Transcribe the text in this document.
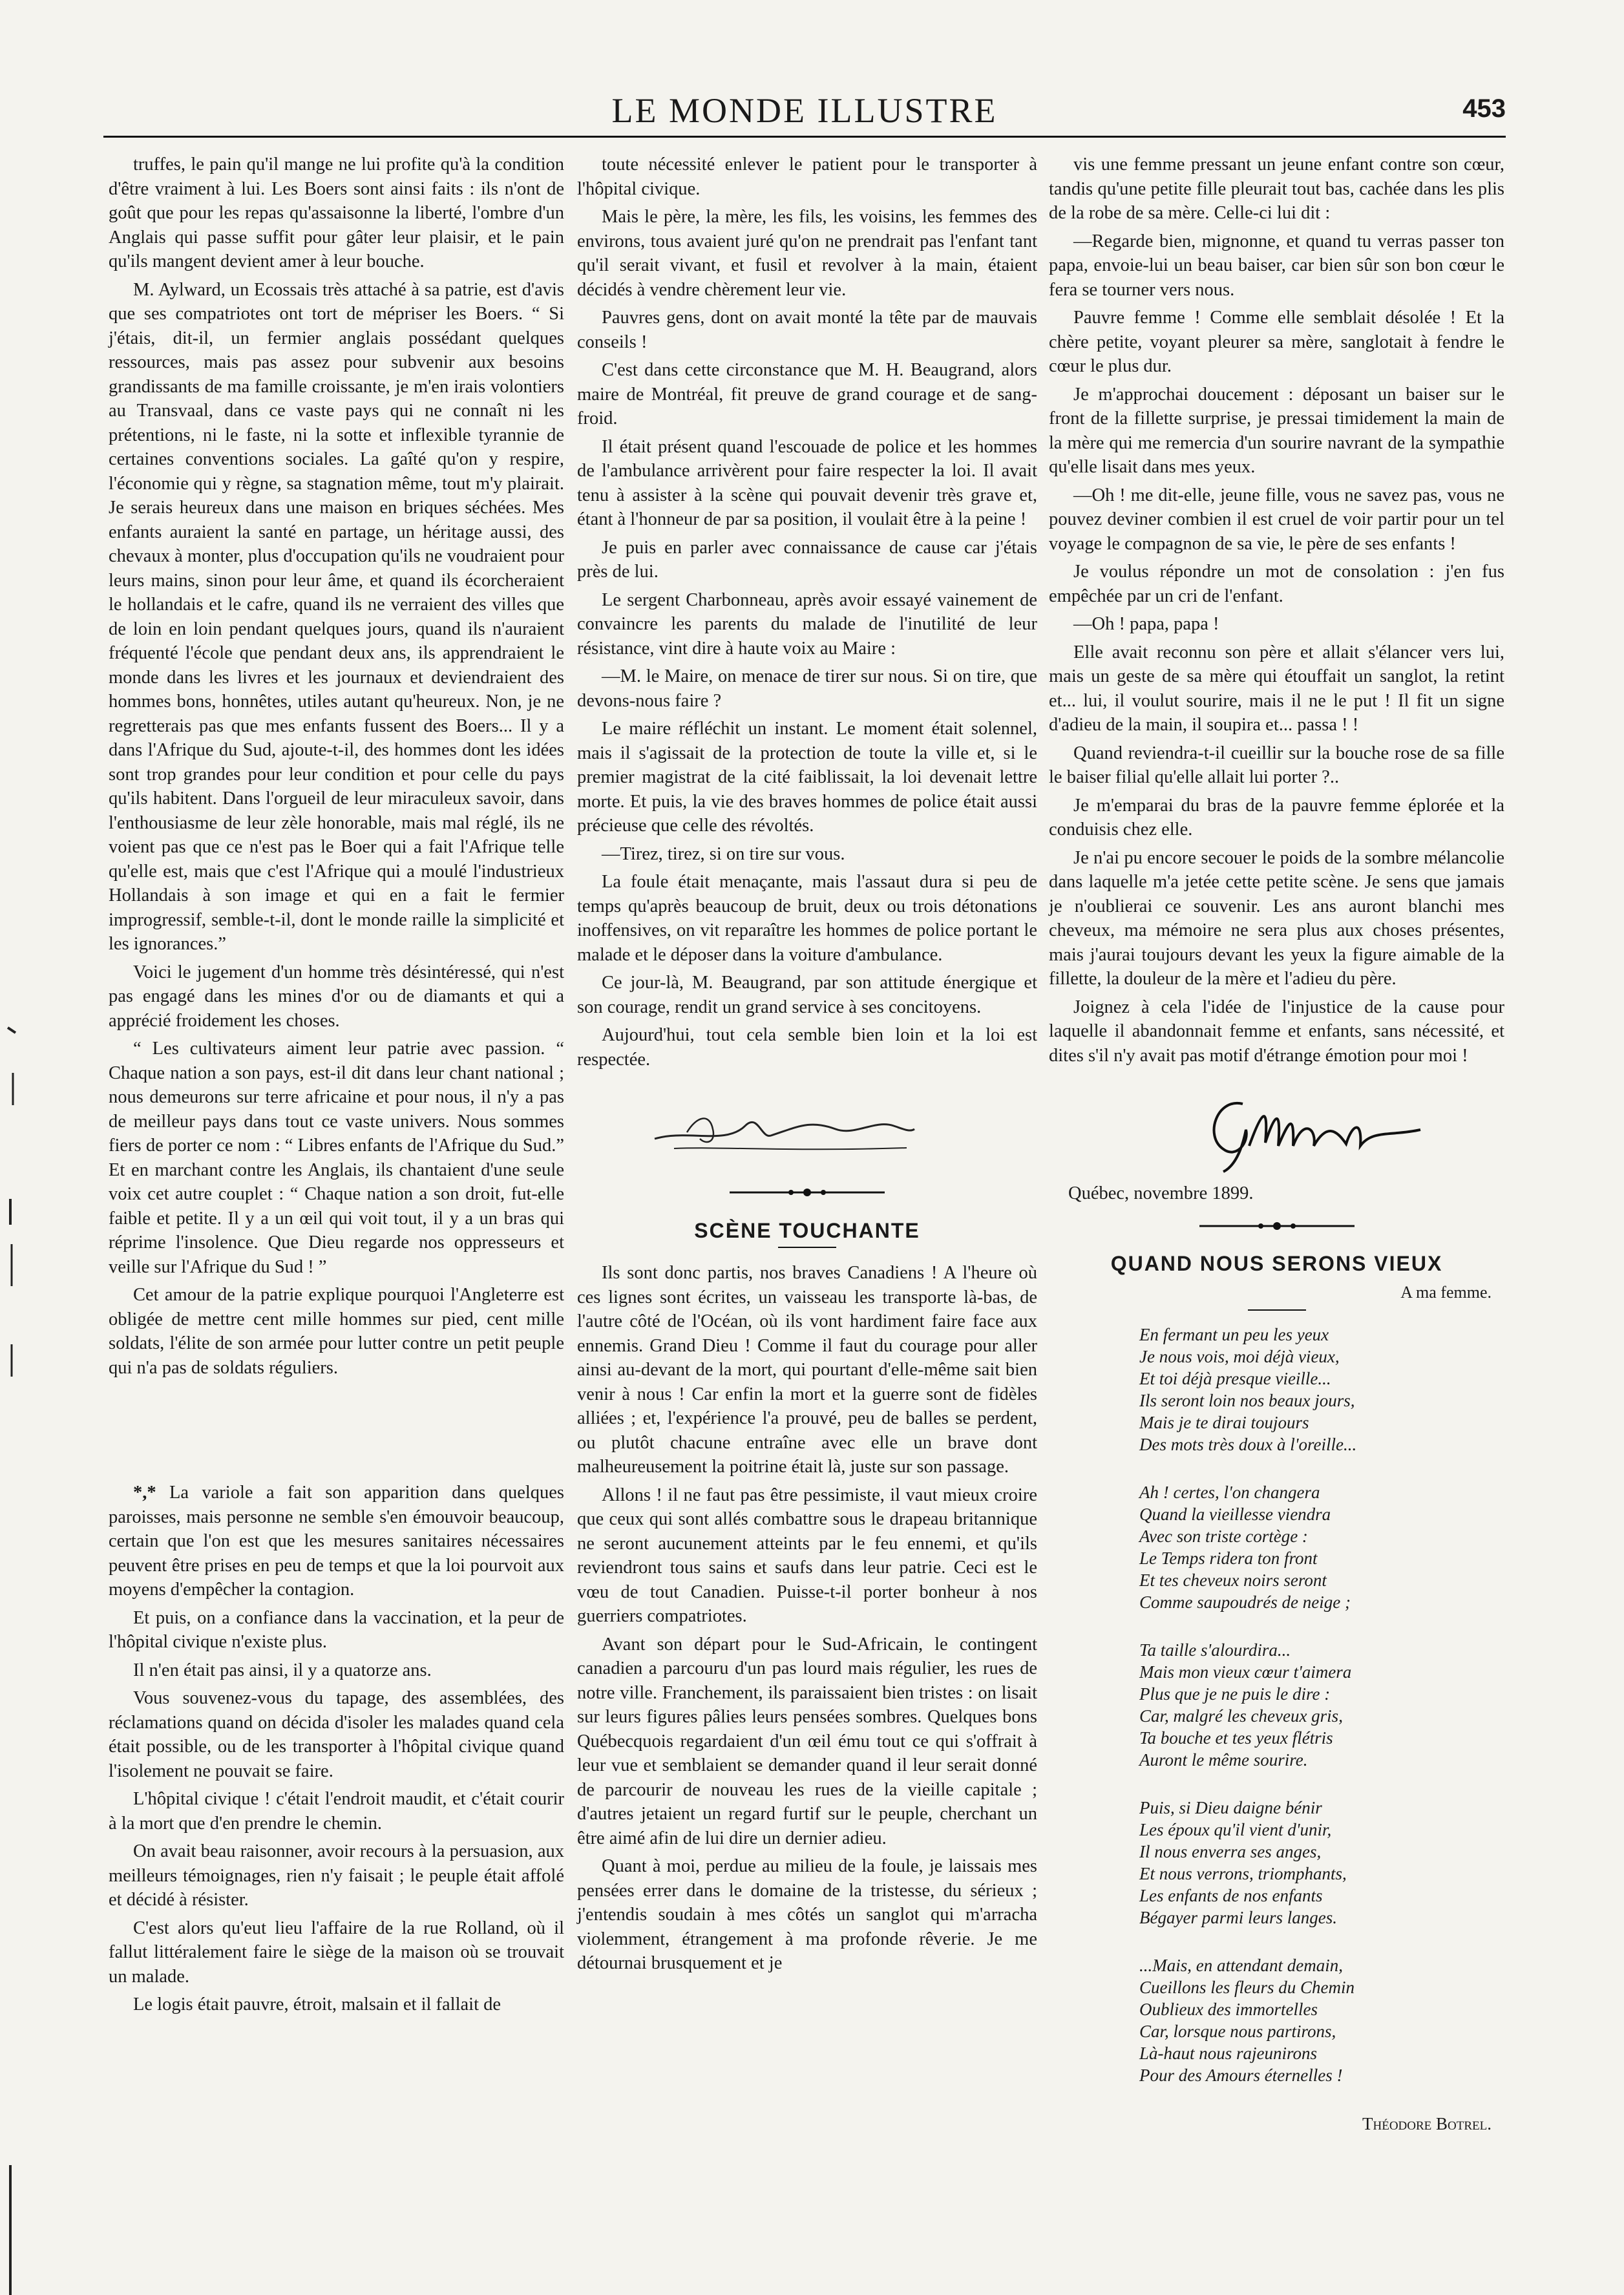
LE MONDE ILLUSTRE	453

truffes, le pain qu'il mange ne lui profite qu'à la condition d'être vraiment à lui. Les Boers sont ainsi faits : ils n'ont de goût que pour les repas qu'assaisonne la liberté, l'ombre d'un Anglais qui passe suffit pour gâter leur plaisir, et le pain qu'ils mangent devient amer à leur bouche.

M. Aylward, un Ecossais très attaché à sa patrie, est d'avis que ses compatriotes ont tort de mépriser les Boers. “ Si j'étais, dit-il, un fermier anglais possédant quelques ressources, mais pas assez pour subvenir aux besoins grandissants de ma famille croissante, je m'en irais volontiers au Transvaal, dans ce vaste pays qui ne connaît ni les prétentions, ni le faste, ni la sotte et inflexible tyrannie de certaines conventions sociales. La gaîté qu'on y respire, l'économie qui y règne, sa stagnation même, tout m'y plairait. Je serais heureux dans une maison en briques séchées. Mes enfants auraient la santé en partage, un héritage aussi, des chevaux à monter, plus d'occupation qu'ils ne voudraient pour leurs mains, sinon pour leur âme, et quand ils écorcheraient le hollandais et le cafre, quand ils ne verraient des villes que de loin en loin pendant quelques jours, quand ils n'auraient fréquenté l'école que pendant deux ans, ils apprendraient le monde dans les livres et les journaux et deviendraient des hommes bons, honnêtes, utiles autant qu'heureux. Non, je ne regretterais pas que mes enfants fussent des Boers... Il y a dans l'Afrique du Sud, ajoute-t-il, des hommes dont les idées sont trop grandes pour leur condition et pour celle du pays qu'ils habitent. Dans l'orgueil de leur miraculeux savoir, dans l'enthousiasme de leur zèle honorable, mais mal réglé, ils ne voient pas que ce n'est pas le Boer qui a fait l'Afrique telle qu'elle est, mais que c'est l'Afrique qui a moulé l'industrieux Hollandais à son image et qui en a fait le fermier improgressif, semble-t-il, dont le monde raille la simplicité et les ignorances.”

Voici le jugement d'un homme très désintéressé, qui n'est pas engagé dans les mines d'or ou de diamants et qui a apprécié froidement les choses.

“ Les cultivateurs aiment leur patrie avec passion. “ Chaque nation a son pays, est-il dit dans leur chant national ; nous demeurons sur terre africaine et pour nous, il n'y a pas de meilleur pays dans tout ce vaste univers. Nous sommes fiers de porter ce nom : “ Libres enfants de l'Afrique du Sud.” Et en marchant contre les Anglais, ils chantaient d'une seule voix cet autre couplet : “ Chaque nation a son droit, fut-elle faible et petite. Il y a un œil qui voit tout, il y a un bras qui réprime l'insolence. Que Dieu regarde nos oppresseurs et veille sur l'Afrique du Sud ! ”

Cet amour de la patrie explique pourquoi l'Angleterre est obligée de mettre cent mille hommes sur pied, cent mille soldats, l'élite de son armée pour lutter contre un petit peuple qui n'a pas de soldats réguliers.

*,* La variole a fait son apparition dans quelques paroisses, mais personne ne semble s'en émouvoir beaucoup, certain que l'on est que les mesures sanitaires nécessaires peuvent être prises en peu de temps et que la loi pourvoit aux moyens d'empêcher la contagion.

Et puis, on a confiance dans la vaccination, et la peur de l'hôpital civique n'existe plus.

Il n'en était pas ainsi, il y a quatorze ans.

Vous souvenez-vous du tapage, des assemblées, des réclamations quand on décida d'isoler les malades quand cela était possible, ou de les transporter à l'hôpital civique quand l'isolement ne pouvait se faire.

L'hôpital civique ! c'était l'endroit maudit, et c'était courir à la mort que d'en prendre le chemin.

On avait beau raisonner, avoir recours à la persuasion, aux meilleurs témoignages, rien n'y faisait ; le peuple était affolé et décidé à résister.

C'est alors qu'eut lieu l'affaire de la rue Rolland, où il fallut littéralement faire le siège de la maison où se trouvait un malade.

Le logis était pauvre, étroit, malsain et il fallait de

toute nécessité enlever le patient pour le transporter à l'hôpital civique.

Mais le père, la mère, les fils, les voisins, les femmes des environs, tous avaient juré qu'on ne prendrait pas l'enfant tant qu'il serait vivant, et fusil et revolver à la main, étaient décidés à vendre chèrement leur vie.

Pauvres gens, dont on avait monté la tête par de mauvais conseils !

C'est dans cette circonstance que M. H. Beaugrand, alors maire de Montréal, fit preuve de grand courage et de sang-froid.

Il était présent quand l'escouade de police et les hommes de l'ambulance arrivèrent pour faire respecter la loi. Il avait tenu à assister à la scène qui pouvait devenir très grave et, étant à l'honneur de par sa position, il voulait être à la peine !

Je puis en parler avec connaissance de cause car j'étais près de lui.

Le sergent Charbonneau, après avoir essayé vainement de convaincre les parents du malade de l'inutilité de leur résistance, vint dire à haute voix au Maire :

—M. le Maire, on menace de tirer sur nous. Si on tire, que devons-nous faire ?

Le maire réfléchit un instant. Le moment était solennel, mais il s'agissait de la protection de toute la ville et, si le premier magistrat de la cité faiblissait, la loi devenait lettre morte. Et puis, la vie des braves hommes de police était aussi précieuse que celle des révoltés.

—Tirez, tirez, si on tire sur vous.

La foule était menaçante, mais l'assaut dura si peu de temps qu'après beaucoup de bruit, deux ou trois détonations inoffensives, on vit reparaître les hommes de police portant le malade et le déposer dans la voiture d'ambulance.

Ce jour-là, M. Beaugrand, par son attitude énergique et son courage, rendit un grand service à ses concitoyens.

Aujourd'hui, tout cela semble bien loin et la loi est respectée.

SCÈNE TOUCHANTE

Ils sont donc partis, nos braves Canadiens ! A l'heure où ces lignes sont écrites, un vaisseau les transporte là-bas, de l'autre côté de l'Océan, où ils vont hardiment faire face aux ennemis. Grand Dieu ! Comme il faut du courage pour aller ainsi au-devant de la mort, qui pourtant d'elle-même sait bien venir à nous ! Car enfin la mort et la guerre sont de fidèles alliées ; et, l'expérience l'a prouvé, peu de balles se perdent, ou plutôt chacune entraîne avec elle un brave dont malheureusement la poitrine était là, juste sur son passage.

Allons ! il ne faut pas être pessimiste, il vaut mieux croire que ceux qui sont allés combattre sous le drapeau britannique ne seront aucunement atteints par le feu ennemi, et qu'ils reviendront tous sains et saufs dans leur patrie. Ceci est le vœu de tout Canadien. Puisse-t-il porter bonheur à nos guerriers compatriotes.

Avant son départ pour le Sud-Africain, le contingent canadien a parcouru d'un pas lourd mais régulier, les rues de notre ville. Franchement, ils paraissaient bien tristes : on lisait sur leurs figures pâlies leurs pensées sombres. Quelques bons Québecquois regardaient d'un œil ému tout ce qui s'offrait à leur vue et semblaient se demander quand il leur serait donné de parcourir de nouveau les rues de la vieille capitale ; d'autres jetaient un regard furtif sur le peuple, cherchant un être aimé afin de lui dire un dernier adieu.

Quant à moi, perdue au milieu de la foule, je laissais mes pensées errer dans le domaine de la tristesse, du sérieux ; j'entendis soudain à mes côtés un sanglot qui m'arracha violemment, étrangement à ma profonde rêverie. Je me détournai brusquement et je

vis une femme pressant un jeune enfant contre son cœur, tandis qu'une petite fille pleurait tout bas, cachée dans les plis de la robe de sa mère. Celle-ci lui dit :

—Regarde bien, mignonne, et quand tu verras passer ton papa, envoie-lui un beau baiser, car bien sûr son bon cœur le fera se tourner vers nous.

Pauvre femme ! Comme elle semblait désolée ! Et la chère petite, voyant pleurer sa mère, sanglotait à fendre le cœur le plus dur.

Je m'approchai doucement : déposant un baiser sur le front de la fillette surprise, je pressai timidement la main de la mère qui me remercia d'un sourire navrant de la sympathie qu'elle lisait dans mes yeux.

—Oh ! me dit-elle, jeune fille, vous ne savez pas, vous ne pouvez deviner combien il est cruel de voir partir pour un tel voyage le compagnon de sa vie, le père de ses enfants !

Je voulus répondre un mot de consolation : j'en fus empêchée par un cri de l'enfant.

—Oh ! papa, papa !

Elle avait reconnu son père et allait s'élancer vers lui, mais un geste de sa mère qui étouffait un sanglot, la retint et... lui, il voulut sourire, mais il ne le put ! Il fit un signe d'adieu de la main, il soupira et... passa ! !

Quand reviendra-t-il cueillir sur la bouche rose de sa fille le baiser filial qu'elle allait lui porter ?..

Je m'emparai du bras de la pauvre femme éplorée et la conduisis chez elle.

Je n'ai pu encore secouer le poids de la sombre mélancolie dans laquelle m'a jetée cette petite scène. Je sens que jamais je n'oublierai ce souvenir. Les ans auront blanchi mes cheveux, ma mémoire ne sera plus aux choses présentes, mais j'aurai toujours devant les yeux la figure aimable de la fillette, la douleur de la mère et l'adieu du père.

Joignez à cela l'idée de l'injustice de la cause pour laquelle il abandonnait femme et enfants, sans nécessité, et dites s'il n'y avait pas motif d'étrange émotion pour moi !

Québec, novembre 1899.

QUAND NOUS SERONS VIEUX
A ma femme.
En fermant un peu les yeux
Je nous vois, moi déjà vieux,
Et toi déjà presque vieille...
Ils seront loin nos beaux jours,
Mais je te dirai toujours
Des mots très doux à l'oreille...
Ah ! certes, l'on changera
Quand la vieillesse viendra
Avec son triste cortège :
Le Temps ridera ton front
Et tes cheveux noirs seront
Comme saupoudrés de neige ;
Ta taille s'alourdira...
Mais mon vieux cœur t'aimera
Plus que je ne puis le dire :
Car, malgré les cheveux gris,
Ta bouche et tes yeux flétris
Auront le même sourire.
Puis, si Dieu daigne bénir
Les époux qu'il vient d'unir,
Il nous enverra ses anges,
Et nous verrons, triomphants,
Les enfants de nos enfants
Bégayer parmi leurs langes.
...Mais, en attendant demain,
Cueillons les fleurs du Chemin
Oublieux des immortelles
Car, lorsque nous partirons,
Là-haut nous rajeunirons
Pour des Amours éternelles !
Théodore Botrel.
